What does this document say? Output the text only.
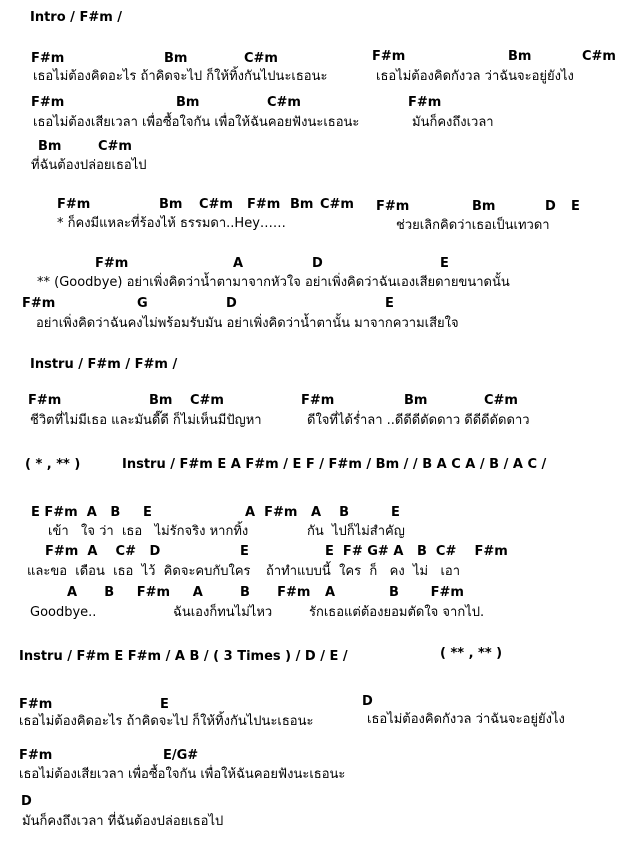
Intro / F#m /
F#m	Bm	C#m	F#m	Bm	C#m
เธอไม่ต้องคิดอะไร ถ้าคิดจะไป ก็ให้ทิ้งกันไปนะเธอนะ	เธอไม่ต้องคิดกังวล ว่าฉันจะอยู่ยังไง
F#m	Bm	C#m	F#m
เธอไม่ต้องเสียเวลา เพื่อซื้อใจกัน เพื่อให้ฉันคอยฟังนะเธอนะ	มันก็คงถึงเวลา
Bm	C#m
ที่ฉันต้องปล่อยเธอไป
F#m	Bm C#m F#m Bm C#m F#m	Bm	D E
* ก็คงมีแหละที่ร้องไห้ ธรรมดา..Hey……	ช่วยเลิกคิดว่าเธอเป็นเทวดา
F#m	A	D	E
** (Goodbye) อย่าเพิ่งคิดว่าน้ำตามาจากหัวใจ อย่าเพิ่งคิดว่าฉันเองเสียดายขนาดนั้น
F#m	G	D	E
อย่าเพิ่งคิดว่าฉันคงไม่พร้อมรับมัน อย่าเพิ่งคิดว่าน้ำตานั้น มาจากความเสียใจ
Instru / F#m / F#m /
F#m	Bm C#m	F#m	Bm	C#m
ชีวิตที่ไม่มีเธอ และมันดี๊ดี ก็ไม่เห็นมีปัญหา	ดีใจที่ได้ร่ำลา ..ดีดีดีดัดดาว ดีดีดีดัดดาว
( * , ** )	Instru / F#m E A F#m / E F / F#m / Bm / / B A C A / B / A C /
E F#m  A   B     E	A  F#m   A    B	E
เข้า   ใจ ว่า  เธอ   ไม่รักจริง หากทิ้ง	กัน  ไปก็ไม่สำคัญ
F#m  A    C#   D	E	E  F# G# A   B  C#    F#m
และขอ  เดือน  เธอ  ไว้  คิดจะคบกับใคร ถ้าทำแบบนี้  ใคร  ก็   คง  ไม่   เอา
A      B     F#m     A	B      F#m A	B       F#m
Goodbye..	ฉันเองก็ทนไม่ไหว	รักเธอแต่ต้องยอมตัดใจ จากไป.
Instru / F#m E F#m / A B / ( 3 Times ) / D / E /	( ** , ** )
F#m	E	D
เธอไม่ต้องคิดอะไร ถ้าคิดจะไป ก็ให้ทิ้งกันไปนะเธอนะ	เธอไม่ต้องคิดกังวล ว่าฉันจะอยู่ยังไง
F#m	E/G#
เธอไม่ต้องเสียเวลา เพื่อซื้อใจกัน เพื่อให้ฉันคอยฟังนะเธอนะ
D
มันก็คงถึงเวลา ที่ฉันต้องปล่อยเธอไป
